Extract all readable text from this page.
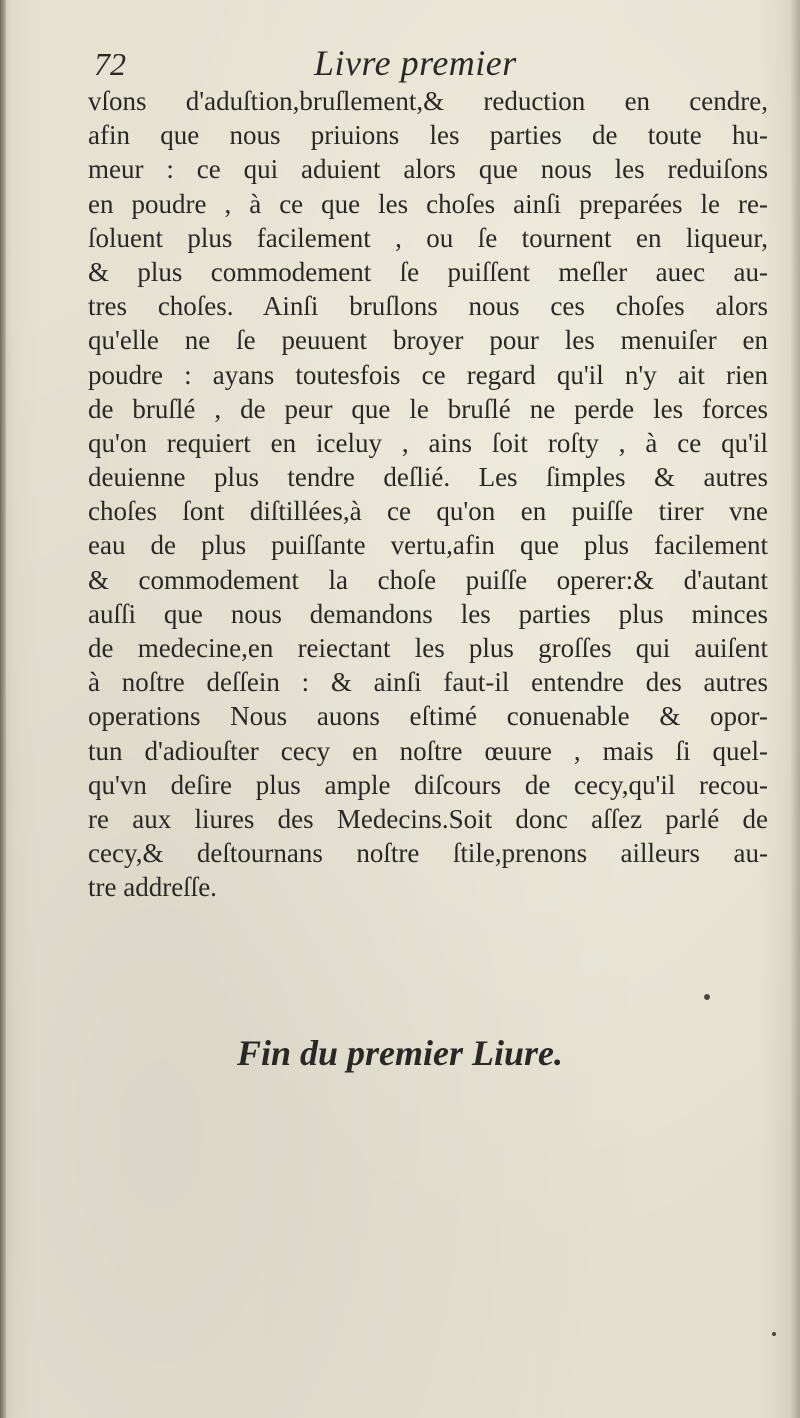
72	Livre premier
vſons d'aduſtion,bruſlement,& reduction en cendre,
afin que nous priuions les parties de toute hu-
meur : ce qui aduient alors que nous les reduiſons
en poudre , à ce que les choſes ainſi preparées le re-
ſoluent plus facilement , ou ſe tournent en liqueur,
& plus commodement ſe puiſſent meſler auec au-
tres choſes. Ainſi bruſlons nous ces choſes alors
qu'elle ne ſe peuuent broyer pour les menuiſer en
poudre : ayans toutesfois ce regard qu'il n'y ait rien
de bruſlé , de peur que le bruſlé ne perde les forces
qu'on requiert en iceluy , ains ſoit roſty , à ce qu'il
deuienne plus tendre deſlié. Les ſimples & autres
choſes ſont diſtillées,à ce qu'on en puiſſe tirer vne
eau de plus puiſſante vertu,afin que plus facilement
& commodement la choſe puiſſe operer:& d'autant
auſſi que nous demandons les parties plus minces
de medecine,en reiectant les plus groſſes qui auiſent
à noſtre deſſein : & ainſi faut-il entendre des autres
operations Nous auons eſtimé conuenable & opor-
tun d'adiouſter cecy en noſtre œuure , mais ſi quel-
qu'vn deſire plus ample diſcours de cecy,qu'il recou-
re aux liures des Medecins.Soit donc aſſez parlé de
cecy,& deſtournans noſtre ſtile,prenons ailleurs au-
tre addreſſe.
Fin du premier Liure.
